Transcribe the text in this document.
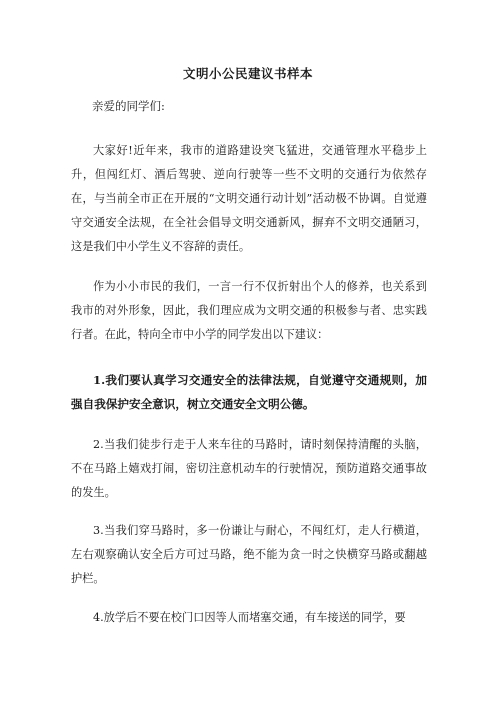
文明小公民建议书样本
亲爱的同学们:

大家好!近年来，我市的道路建设突飞猛进，交通管理水平稳步上升，但闯红灯、酒后驾驶、逆向行驶等一些不文明的交通行为依然存在，与当前全市正在开展的“文明交通行动计划”活动极不协调。自觉遵守交通安全法规，在全社会倡导文明交通新风，摒弃不文明交通陋习，这是我们中小学生义不容辞的责任。

作为小小市民的我们，一言一行不仅折射出个人的修养，也关系到我市的对外形象，因此，我们理应成为文明交通的积极参与者、忠实践行者。在此，特向全市中小学的同学发出以下建议：

1.我们要认真学习交通安全的法律法规，自觉遵守交通规则，加强自我保护安全意识，树立交通安全文明公德。

2.当我们徒步行走于人来车往的马路时，请时刻保持清醒的头脑，不在马路上嬉戏打闹，密切注意机动车的行驶情况，预防道路交通事故的发生。

3.当我们穿马路时，多一份谦让与耐心，不闯红灯，走人行横道，左右观察确认安全后方可过马路，绝不能为贪一时之快横穿马路或翻越护栏。

4.放学后不要在校门口因等人而堵塞交通，有车接送的同学，要
